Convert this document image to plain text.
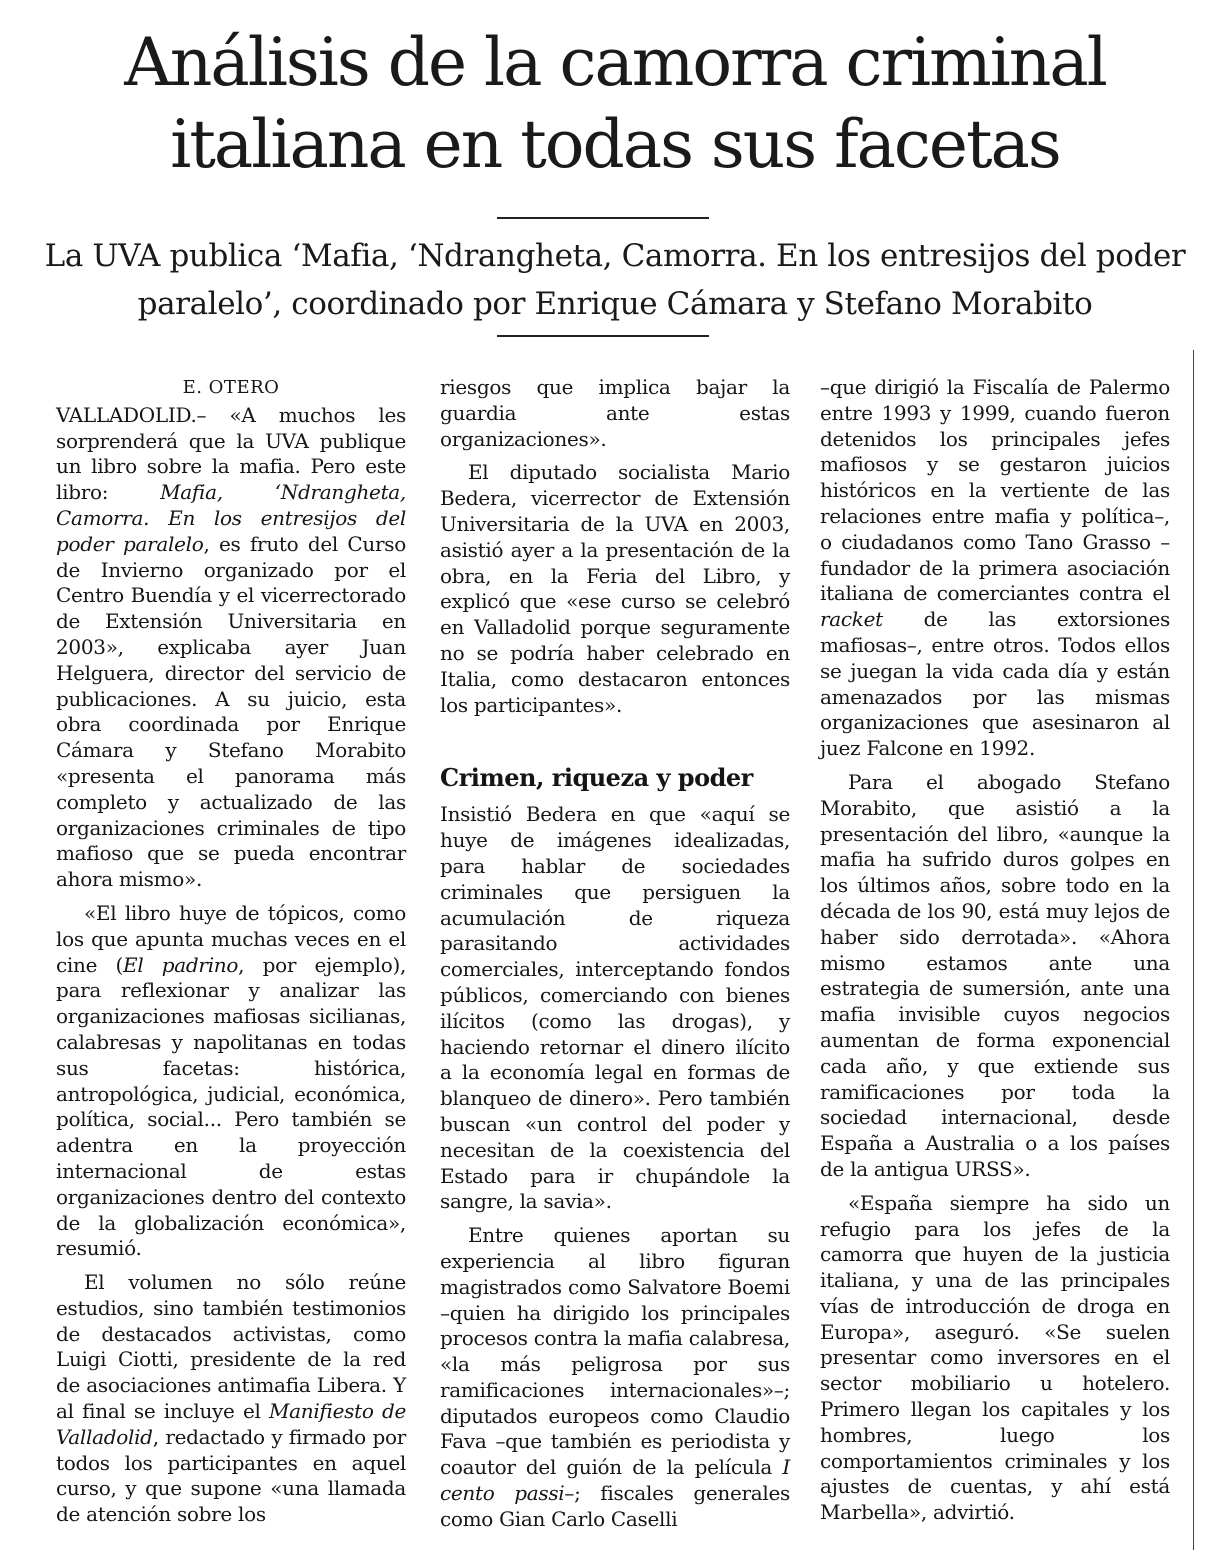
Análisis de la camorra criminal
italiana en todas sus facetas

La UVA publica ‘Mafia, ‘Ndrangheta, Camorra. En los entresijos del poder paralelo’, coordinado por Enrique Cámara y Stefano Morabito

E. OTERO

VALLADOLID.– «A muchos les sorprenderá que la UVA publique un libro sobre la mafia. Pero este libro: Mafia, ‘Ndrangheta, Camorra. En los entresijos del poder paralelo, es fruto del Curso de Invierno organizado por el Centro Buendía y el vicerrectorado de Extensión Universitaria en 2003», explicaba ayer Juan Helguera, director del servicio de publicaciones. A su juicio, esta obra coordinada por Enrique Cámara y Stefano Morabito «presenta el panorama más completo y actualizado de las organizaciones criminales de tipo mafioso que se pueda encontrar ahora mismo».

«El libro huye de tópicos, como los que apunta muchas veces en el cine (El padrino, por ejemplo), para reflexionar y analizar las organizaciones mafiosas sicilianas, calabresas y napolitanas en todas sus facetas: histórica, antropológica, judicial, económica, política, social... Pero también se adentra en la proyección internacional de estas organizaciones dentro del contexto de la globalización económica», resumió.

El volumen no sólo reúne estudios, sino también testimonios de destacados activistas, como Luigi Ciotti, presidente de la red de asociaciones antimafia Libera. Y al final se incluye el Manifiesto de Valladolid, redactado y firmado por todos los participantes en aquel curso, y que supone «una llamada de atención sobre los

riesgos que implica bajar la guardia ante estas organizaciones».

El diputado socialista Mario Bedera, vicerrector de Extensión Universitaria de la UVA en 2003, asistió ayer a la presentación de la obra, en la Feria del Libro, y explicó que «ese curso se celebró en Valladolid porque seguramente no se podría haber celebrado en Italia, como destacaron entonces los participantes».

Crimen, riqueza y poder

Insistió Bedera en que «aquí se huye de imágenes idealizadas, para hablar de sociedades criminales que persiguen la acumulación de riqueza parasitando actividades comerciales, interceptando fondos públicos, comerciando con bienes ilícitos (como las drogas), y haciendo retornar el dinero ilícito a la economía legal en formas de blanqueo de dinero». Pero también buscan «un control del poder y necesitan de la coexistencia del Estado para ir chupándole la sangre, la savia».

Entre quienes aportan su experiencia al libro figuran magistrados como Salvatore Boemi –quien ha dirigido los principales procesos contra la mafia calabresa, «la más peligrosa por sus ramificaciones internacionales»–; diputados europeos como Claudio Fava –que también es periodista y coautor del guión de la película I cento passi–; fiscales generales como Gian Carlo Caselli

–que dirigió la Fiscalía de Palermo entre 1993 y 1999, cuando fueron detenidos los principales jefes mafiosos y se gestaron juicios históricos en la vertiente de las relaciones entre mafia y política–, o ciudadanos como Tano Grasso –fundador de la primera asociación italiana de comerciantes contra el racket de las extorsiones mafiosas–, entre otros. Todos ellos se juegan la vida cada día y están amenazados por las mismas organizaciones que asesinaron al juez Falcone en 1992.

Para el abogado Stefano Morabito, que asistió a la presentación del libro, «aunque la mafia ha sufrido duros golpes en los últimos años, sobre todo en la década de los 90, está muy lejos de haber sido derrotada». «Ahora mismo estamos ante una estrategia de sumersión, ante una mafia invisible cuyos negocios aumentan de forma exponencial cada año, y que extiende sus ramificaciones por toda la sociedad internacional, desde España a Australia o a los países de la antigua URSS».

«España siempre ha sido un refugio para los jefes de la camorra que huyen de la justicia italiana, y una de las principales vías de introducción de droga en Europa», aseguró. «Se suelen presentar como inversores en el sector mobiliario u hotelero. Primero llegan los capitales y los hombres, luego los comportamientos criminales y los ajustes de cuentas, y ahí está Marbella», advirtió.
